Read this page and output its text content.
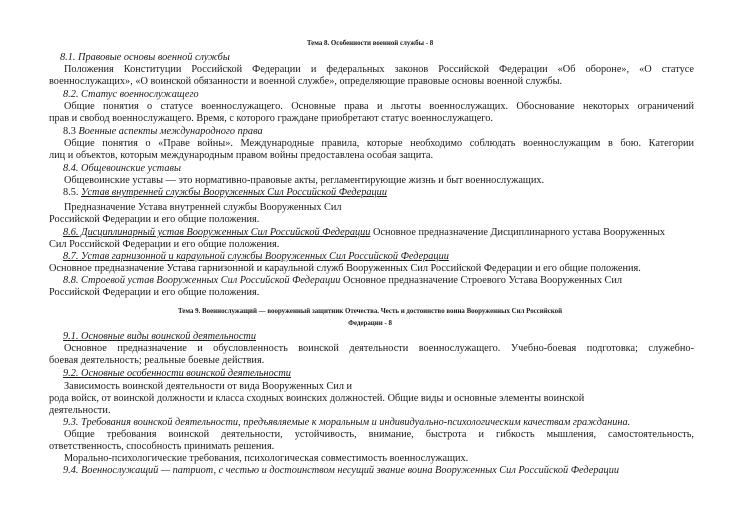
Тема 8. Особенности военной службы - 8
8.1. Правовые основы военной службы
Положения Конституции Российской Федерации и федеральных законов Российской Федерации «Об обороне», «О статусе
военнослужащих», «О воинской обязанности и военной службе», определяющие правовые основы военной службы.
8.2. Статус военнослужащего
Общие понятия о статусе военнослужащего. Основные права и льготы военнослужащих. Обоснование некоторых ограничений
прав и свобод военнослужащего. Время, с которого граждане приобретают статус военнослужащего.
8.3 Военные аспекты международного права
Общие понятия о «Праве войны». Международные правила, которые необходимо соблюдать военнослужащим в бою. Категории
лиц и объектов, которым международным правом войны предоставлена особая защита.
8.4. Общевоинские уставы
Общевоинские уставы — это нормативно-правовые акты, регламентирующие жизнь и быт военнослужащих.
8.5. Устав внутренней службы Вооруженных Сил Российской Федерации
Предназначение Устава внутренней службы Вооруженных Сил
Российской Федерации и его общие положения.
8.6. Дисциплинарный устав Вооруженных Сил Российской Федерации Основное предназначение Дисциплинарного устава Вооруженных
Сил Российской Федерации и его общие положения.
8.7. Устав гарнизонной и караульной службы Вооруженных Сил Российской Федерации
Основное предназначение Устава гарнизонной и караульной служб Вооруженных Сил Российской Федерации и его общие положения.
8.8. Строевой устав Вооруженных Сил Российской Федерации Основное предназначение Строевого Устава Вооруженных Сил
Российской Федерации и его общие положения.
Тема 9. Военнослужащий — вооруженный защитник Отечества. Честь и достоинство воина Вооруженных Сил Российской
Федерации - 8
9.1. Основные виды воинской деятельности
Основное предназначение и обусловленность воинской деятельности военнослужащего. Учебно-боевая подготовка; служебно-
боевая деятельность; реальные боевые действия.
9.2. Основные особенности воинской деятельности
Зависимость воинской деятельности от вида Вооруженных Сил и
рода войск, от воинской должности и класса сходных воинских должностей. Общие виды и основные элементы воинской
деятельности.
9.3. Требования воинской деятельности, предъявляемые к моральным и индивидуально-психологическим качествам гражданина.
Общие требования воинской деятельности, устойчивость, внимание, быстрота и гибкость мышления, самостоятельность,
ответственность, способность принимать решения.
Морально-психологические требования, психологическая совместимость военнослужащих.
9.4. Военнослужащий — патриот, с честью и достоинством несущий звание воина Вооруженных Сил Российской Федерации
